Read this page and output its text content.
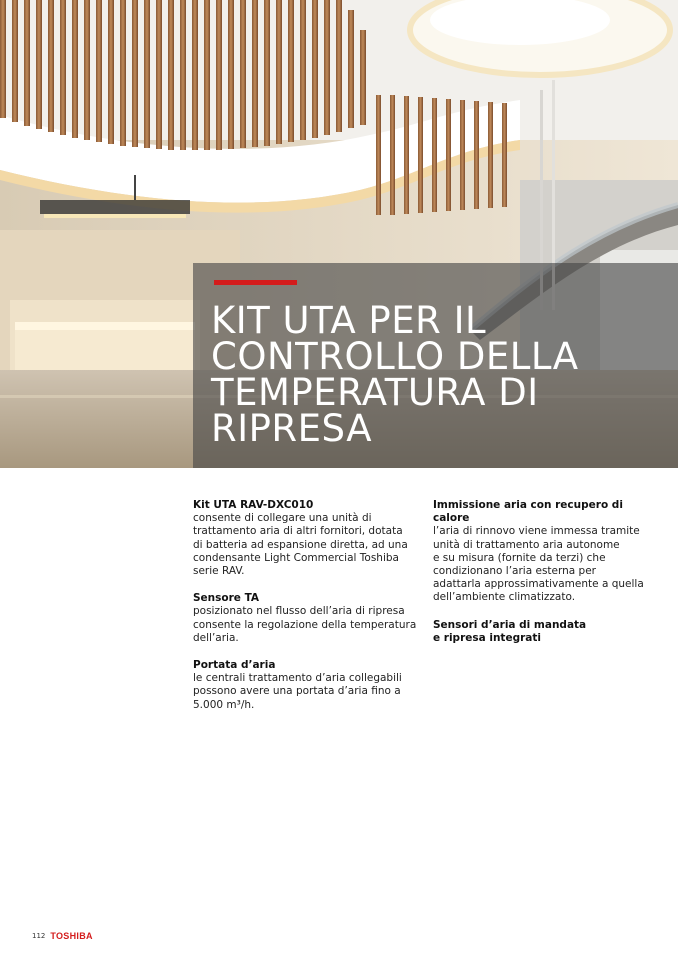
KIT UTA PER IL
CONTROLLO DELLA
TEMPERATURA DI
RIPRESA
Kit UTA RAV-DXC010

consente di collegare una unità di
trattamento aria di altri fornitori, dotata
di batteria ad espansione diretta, ad una
condensante Light Commercial Toshiba
serie RAV.

Sensore TA

posizionato nel flusso dell’aria di ripresa
consente la regolazione della temperatura
dell’aria.

Portata d’aria

le centrali trattamento d’aria collegabili
possono avere una portata d’aria fino a
5.000 m³/h.

Immissione aria con recupero di calore

l’aria di rinnovo viene immessa tramite
unità di trattamento aria autonome
e su misura (fornite da terzi) che
condizionano l’aria esterna per
adattarla approssimativamente a quella
dell’ambiente climatizzato.

Sensori d’aria di mandata
e ripresa integrati
112 TOSHIBA
